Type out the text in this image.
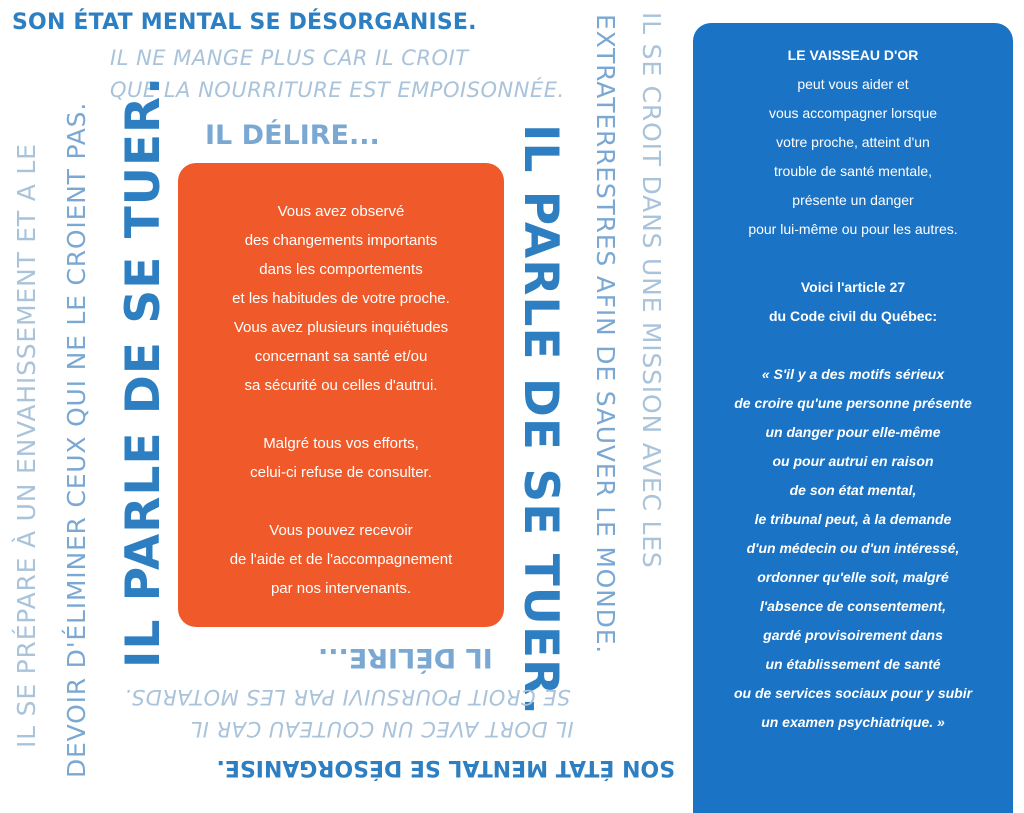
SON ÉTAT MENTAL SE DÉSORGANISE.
IL NE MANGE PLUS CAR IL CROIT
QUE LA NOURRITURE EST EMPOISONNÉE.
IL DÉLIRE...
IL SE PRÉPARE À UN ENVAHISSEMENT ET A LE DEVOIR D'ÉLIMINER CEUX QUI NE LE CROIENT PAS. IL PARLE DE SE TUER.	IL PARLE DE SE TUER. EXTRATERRESTRES AFIN DE SAUVER LE MONDE. IL SE CROIT DANS UNE MISSION AVEC LES
Vous avez observé
des changements importants
dans les comportements
et les habitudes de votre proche.
Vous avez plusieurs inquiétudes
concernant sa santé et/ou
sa sécurité ou celles d'autrui.
Malgré tous vos efforts,
celui-ci refuse de consulter.
Vous pouvez recevoir
de l'aide et de l'accompagnement
par nos intervenants.
IL DÉLIRE...
SE CROIT POURSUIVI PAR LES MOTARDS.
IL DORT AVEC UN COUTEAU CAR IL
SON ÉTAT MENTAL SE DÉSORGANISE.
LE VAISSEAU D'OR
peut vous aider et
vous accompagner lorsque
votre proche, atteint d'un
trouble de santé mentale,
présente un danger
pour lui-même ou pour les autres.
Voici l'article 27
du Code civil du Québec:
« S'il y a des motifs sérieux
de croire qu'une personne présente
un danger pour elle-même
ou pour autrui en raison
de son état mental,
le tribunal peut, à la demande
d'un médecin ou d'un intéressé,
ordonner qu'elle soit, malgré
l'absence de consentement,
gardé provisoirement dans
un établissement de santé
ou de services sociaux pour y subir
un examen psychiatrique. »
